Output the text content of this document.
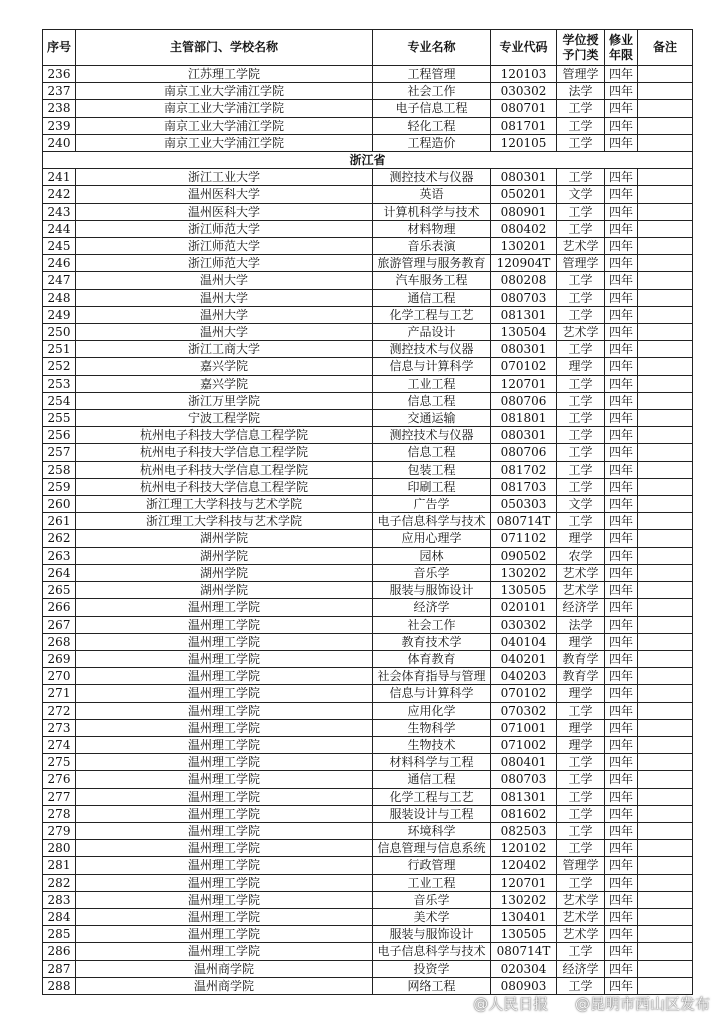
序号	主管部门、学校名称	专业名称	专业代码	学位授予门类	修业年限	备注
236	江苏理工学院	工程管理	120103	管理学	四年	
237	南京工业大学浦江学院	社会工作	030302	法学	四年	
238	南京工业大学浦江学院	电子信息工程	080701	工学	四年	
239	南京工业大学浦江学院	轻化工程	081701	工学	四年	
240	南京工业大学浦江学院	工程造价	120105	工学	四年	
浙江省						
241	浙江工业大学	测控技术与仪器	080301	工学	四年	
242	温州医科大学	英语	050201	文学	四年	
243	温州医科大学	计算机科学与技术	080901	工学	四年	
244	浙江师范大学	材料物理	080402	工学	四年	
245	浙江师范大学	音乐表演	130201	艺术学	四年	
246	浙江师范大学	旅游管理与服务教育	120904T	管理学	四年	
247	温州大学	汽车服务工程	080208	工学	四年	
248	温州大学	通信工程	080703	工学	四年	
249	温州大学	化学工程与工艺	081301	工学	四年	
250	温州大学	产品设计	130504	艺术学	四年	
251	浙江工商大学	测控技术与仪器	080301	工学	四年	
252	嘉兴学院	信息与计算科学	070102	理学	四年	
253	嘉兴学院	工业工程	120701	工学	四年	
254	浙江万里学院	信息工程	080706	工学	四年	
255	宁波工程学院	交通运输	081801	工学	四年	
256	杭州电子科技大学信息工程学院	测控技术与仪器	080301	工学	四年	
257	杭州电子科技大学信息工程学院	信息工程	080706	工学	四年	
258	杭州电子科技大学信息工程学院	包装工程	081702	工学	四年	
259	杭州电子科技大学信息工程学院	印刷工程	081703	工学	四年	
260	浙江理工大学科技与艺术学院	广告学	050303	文学	四年	
261	浙江理工大学科技与艺术学院	电子信息科学与技术	080714T	工学	四年	
262	湖州学院	应用心理学	071102	理学	四年	
263	湖州学院	园林	090502	农学	四年	
264	湖州学院	音乐学	130202	艺术学	四年	
265	湖州学院	服装与服饰设计	130505	艺术学	四年	
266	温州理工学院	经济学	020101	经济学	四年	
267	温州理工学院	社会工作	030302	法学	四年	
268	温州理工学院	教育技术学	040104	理学	四年	
269	温州理工学院	体育教育	040201	教育学	四年	
270	温州理工学院	社会体育指导与管理	040203	教育学	四年	
271	温州理工学院	信息与计算科学	070102	理学	四年	
272	温州理工学院	应用化学	070302	工学	四年	
273	温州理工学院	生物科学	071001	理学	四年	
274	温州理工学院	生物技术	071002	理学	四年	
275	温州理工学院	材料科学与工程	080401	工学	四年	
276	温州理工学院	通信工程	080703	工学	四年	
277	温州理工学院	化学工程与工艺	081301	工学	四年	
278	温州理工学院	服装设计与工程	081602	工学	四年	
279	温州理工学院	环境科学	082503	工学	四年	
280	温州理工学院	信息管理与信息系统	120102	工学	四年	
281	温州理工学院	行政管理	120402	管理学	四年	
282	温州理工学院	工业工程	120701	工学	四年	
283	温州理工学院	音乐学	130202	艺术学	四年	
284	温州理工学院	美术学	130401	艺术学	四年	
285	温州理工学院	服装与服饰设计	130505	艺术学	四年	
286	温州理工学院	电子信息科学与技术	080714T	工学	四年	
287	温州商学院	投资学	020304	经济学	四年	
288	温州商学院	网络工程	080903	工学	四年	
@人民日报 @昆明市西山区发布
